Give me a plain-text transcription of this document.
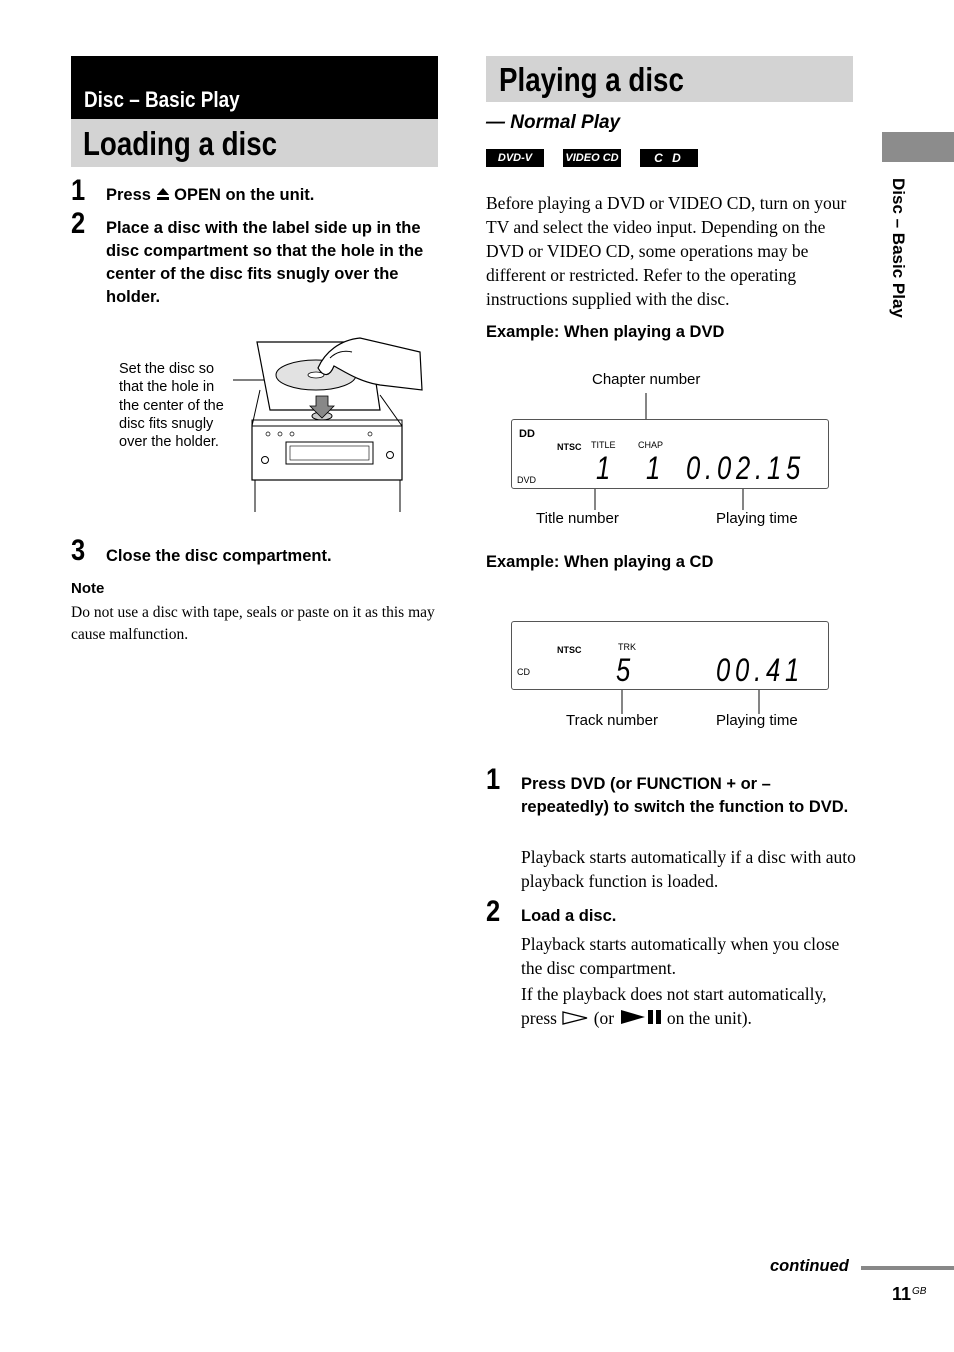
Disc – Basic Play
Loading a disc
1 Press  OPEN on the unit.
2 Place a disc with the label side up in the disc compartment so that the hole in the center of the disc fits snugly over the holder.
Set the disc so
that the hole in
the center of the
disc fits snugly
over the holder.
3 Close the disc compartment.
Note
Do not use a disc with tape, seals or paste on it as this may cause malfunction.
Playing a disc
— Normal Play
DVD-V	VIDEO CD	C D
Before playing a DVD or VIDEO CD, turn on your TV and select the video input. Depending on the DVD or VIDEO CD, some operations may be different or restricted. Refer to the operating instructions supplied with the disc.
Example: When playing a DVD
Chapter number
DD
NTSC TITLE CHAP
DVD 1 1 0.02.15
Title number	Playing time
Example: When playing a CD
NTSC	TRK
CD	5	00.41
Track number	Playing time
1 Press DVD (or FUNCTION + or – repeatedly) to switch the function to DVD.
Playback starts automatically if a disc with auto playback function is loaded.
2 Load a disc.
Playback starts automatically when you close the disc compartment.
If the playback does not start automatically, press  (or	on the unit).
Disc – Basic Play
continued
$11^{GB}$
